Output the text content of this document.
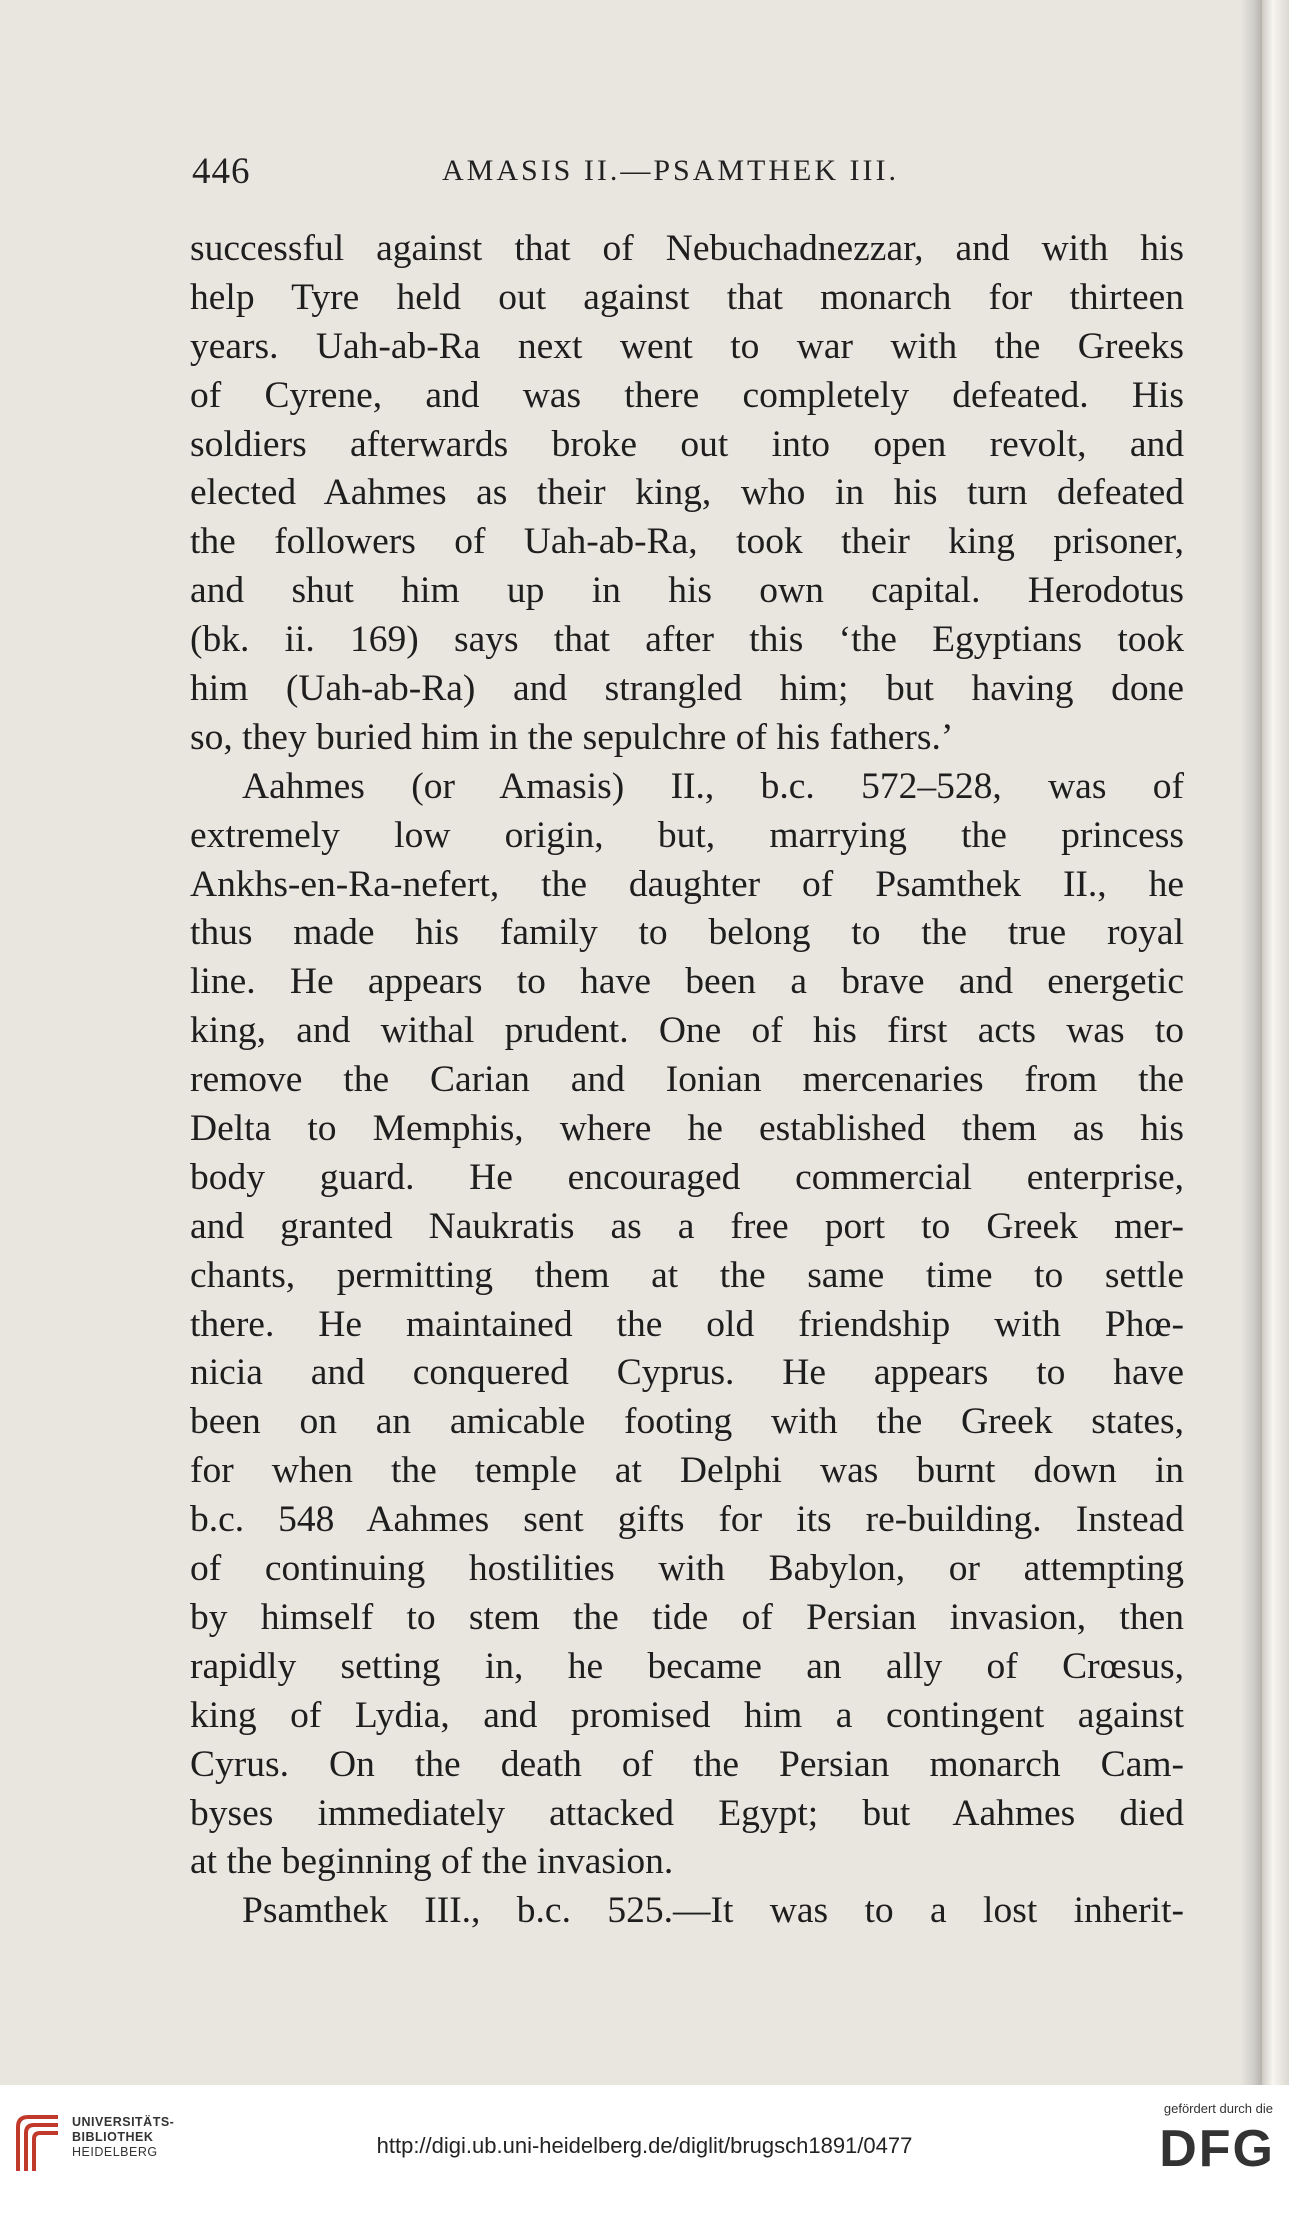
446	AMASIS II.—PSAMTHEK III.
successful against that of Nebuchadnezzar, and with his
help Tyre held out against that monarch for thirteen
years. Uah-ab-Ra next went to war with the Greeks
of Cyrene, and was there completely defeated. His
soldiers afterwards broke out into open revolt, and
elected Aahmes as their king, who in his turn defeated
the followers of Uah-ab-Ra, took their king prisoner,
and shut him up in his own capital. Herodotus
(bk. ii. 169) says that after this ‘the Egyptians took
him (Uah-ab-Ra) and strangled him; but having done
so, they buried him in the sepulchre of his fathers.’
Aahmes (or Amasis) II., b.c. 572–528, was of
extremely low origin, but, marrying the princess
Ankhs-en-Ra-nefert, the daughter of Psamthek II., he
thus made his family to belong to the true royal
line. He appears to have been a brave and energetic
king, and withal prudent. One of his first acts was to
remove the Carian and Ionian mercenaries from the
Delta to Memphis, where he established them as his
body guard. He encouraged commercial enterprise,
and granted Naukratis as a free port to Greek mer-
chants, permitting them at the same time to settle
there. He maintained the old friendship with Phœ-
nicia and conquered Cyprus. He appears to have
been on an amicable footing with the Greek states,
for when the temple at Delphi was burnt down in
b.c. 548 Aahmes sent gifts for its re-building. Instead
of continuing hostilities with Babylon, or attempting
by himself to stem the tide of Persian invasion, then
rapidly setting in, he became an ally of Crœsus,
king of Lydia, and promised him a contingent against
Cyrus. On the death of the Persian monarch Cam-
byses immediately attacked Egypt; but Aahmes died
at the beginning of the invasion.
Psamthek III., b.c. 525.—It was to a lost inherit-
UNIVERSITÄTS-
BIBLIOTHEK
HEIDELBERG	http://digi.ub.uni-heidelberg.de/diglit/brugsch1891/0477
gefördert durch die
DFG
